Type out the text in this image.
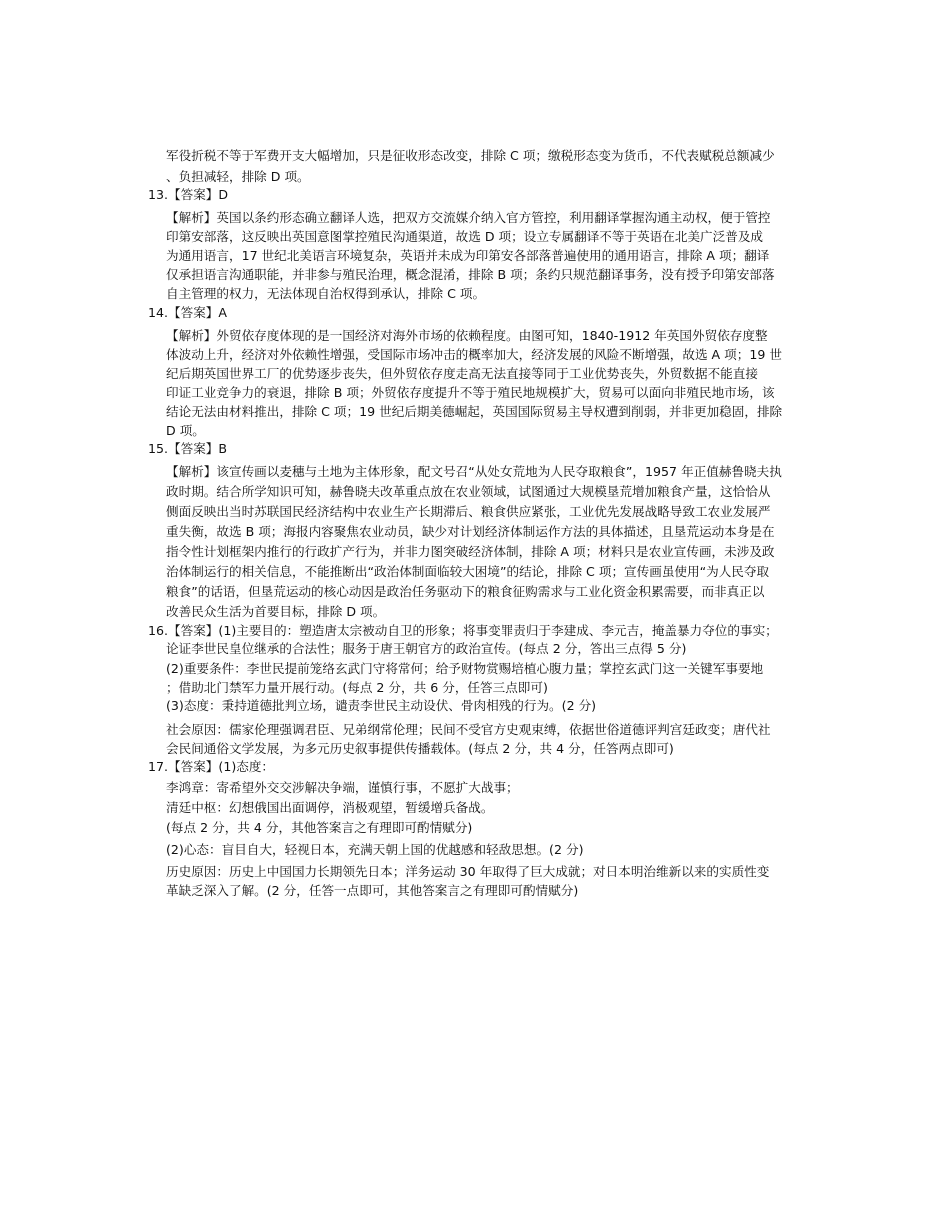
军役折税不等于军费开支大幅增加，只是征收形态改变，排除 C 项；缴税形态变为货币，不代表赋税总额减少
、负担减轻，排除 D 项。
13.【答案】D
【解析】英国以条约形态确立翻译人选，把双方交流媒介纳入官方管控，利用翻译掌握沟通主动权，便于管控
印第安部落，这反映出英国意图掌控殖民沟通渠道，故选 D 项；设立专属翻译不等于英语在北美广泛普及成
为通用语言，17 世纪北美语言环境复杂，英语并未成为印第安各部落普遍使用的通用语言，排除 A 项；翻译
仅承担语言沟通职能，并非参与殖民治理，概念混淆，排除 B 项；条约只规范翻译事务，没有授予印第安部落
自主管理的权力，无法体现自治权得到承认，排除 C 项。
14.【答案】A
【解析】外贸依存度体现的是一国经济对海外市场的依赖程度。由图可知，1840-1912 年英国外贸依存度整
体波动上升，经济对外依赖性增强，受国际市场冲击的概率加大，经济发展的风险不断增强，故选 A 项；19 世
纪后期英国世界工厂的优势逐步丧失，但外贸依存度走高无法直接等同于工业优势丧失，外贸数据不能直接
印证工业竞争力的衰退，排除 B 项；外贸依存度提升不等于殖民地规模扩大，贸易可以面向非殖民地市场，该
结论无法由材料推出，排除 C 项；19 世纪后期美德崛起，英国国际贸易主导权遭到削弱，并非更加稳固，排除
D 项。
15.【答案】B
【解析】该宣传画以麦穗与土地为主体形象，配文号召“从处女荒地为人民夺取粮食”，1957 年正值赫鲁晓夫执
政时期。结合所学知识可知，赫鲁晓夫改革重点放在农业领域，试图通过大规模垦荒增加粮食产量，这恰恰从
侧面反映出当时苏联国民经济结构中农业生产长期滞后、粮食供应紧张，工业优先发展战略导致工农业发展严
重失衡，故选 B 项；海报内容聚焦农业动员，缺少对计划经济体制运作方法的具体描述，且垦荒运动本身是在
指令性计划框架内推行的行政扩产行为，并非力图突破经济体制，排除 A 项；材料只是农业宣传画，未涉及政
治体制运行的相关信息，不能推断出“政治体制面临较大困境”的结论，排除 C 项；宣传画虽使用“为人民夺取
粮食”的话语，但垦荒运动的核心动因是政治任务驱动下的粮食征购需求与工业化资金积累需要，而非真正以
改善民众生活为首要目标，排除 D 项。
16.【答案】(1)主要目的：塑造唐太宗被动自卫的形象；将事变罪责归于李建成、李元吉，掩盖暴力夺位的事实；
论证李世民皇位继承的合法性；服务于唐王朝官方的政治宣传。(每点 2 分，答出三点得 5 分)
(2)重要条件：李世民提前笼络玄武门守将常何；给予财物赏赐培植心腹力量；掌控玄武门这一关键军事要地
；借助北门禁军力量开展行动。(每点 2 分，共 6 分，任答三点即可)
(3)态度：秉持道德批判立场，谴责李世民主动设伏、骨肉相残的行为。(2 分)
社会原因：儒家伦理强调君臣、兄弟纲常伦理；民间不受官方史观束缚，依据世俗道德评判宫廷政变；唐代社
会民间通俗文学发展，为多元历史叙事提供传播载体。(每点 2 分，共 4 分，任答两点即可)
17.【答案】(1)态度：
李鸿章：寄希望外交交涉解决争端，谨慎行事，不愿扩大战事；
清廷中枢：幻想俄国出面调停，消极观望，暂缓增兵备战。
(每点 2 分，共 4 分，其他答案言之有理即可酌情赋分)
(2)心态：盲目自大，轻视日本，充满天朝上国的优越感和轻敌思想。(2 分)
历史原因：历史上中国国力长期领先日本；洋务运动 30 年取得了巨大成就；对日本明治维新以来的实质性变
革缺乏深入了解。(2 分，任答一点即可，其他答案言之有理即可酌情赋分)
